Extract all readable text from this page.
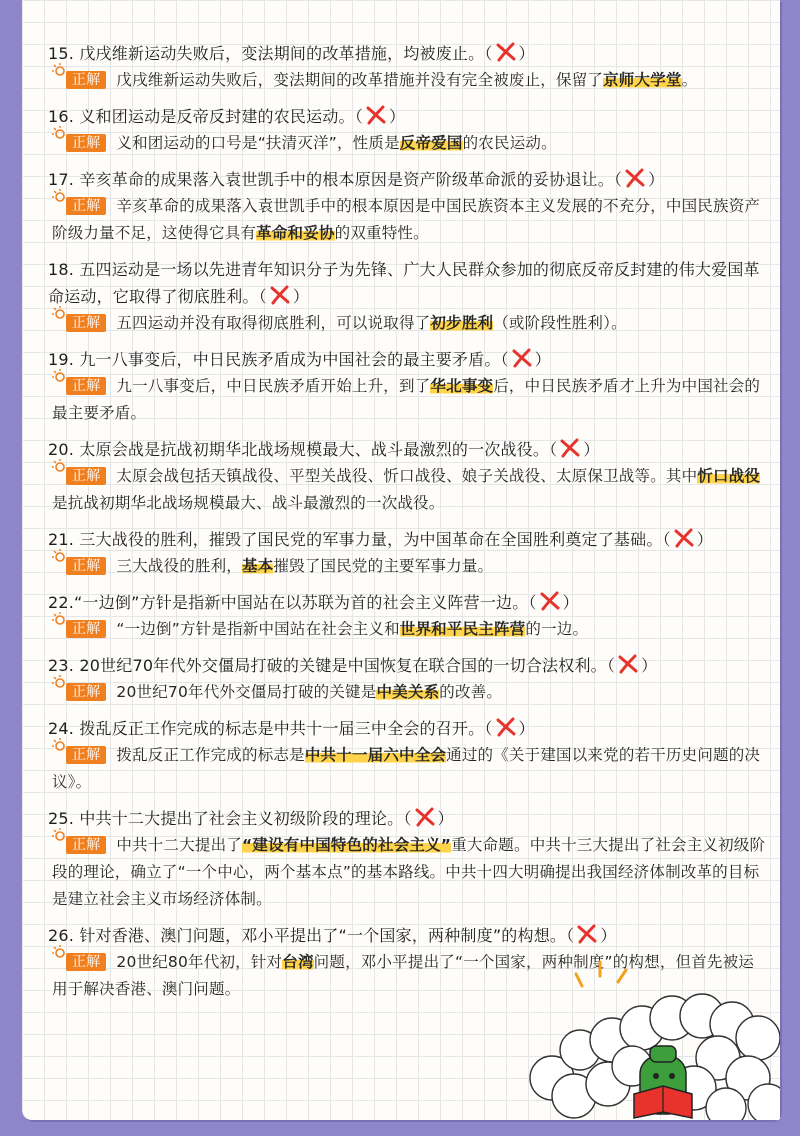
15. 戊戌维新运动失败后，变法期间的改革措施，均被废止。（ ）
正解 戊戌维新运动失败后，变法期间的改革措施并没有完全被废止，保留了京师大学堂。
16. 义和团运动是反帝反封建的农民运动。（ ）
正解 义和团运动的口号是“扶清灭洋”，性质是反帝爱国的农民运动。
17. 辛亥革命的成果落入袁世凯手中的根本原因是资产阶级革命派的妥协退让。（ ）
正解 辛亥革命的成果落入袁世凯手中的根本原因是中国民族资本主义发展的不充分，中国民族资产阶级力量不足，这使得它具有革命和妥协的双重特性。
18. 五四运动是一场以先进青年知识分子为先锋、广大人民群众参加的彻底反帝反封建的伟大爱国革命运动，它取得了彻底胜利。（ ）
正解 五四运动并没有取得彻底胜利，可以说取得了初步胜利（或阶段性胜利）。
19. 九一八事变后，中日民族矛盾成为中国社会的最主要矛盾。（ ）
正解 九一八事变后，中日民族矛盾开始上升，到了华北事变后，中日民族矛盾才上升为中国社会的最主要矛盾。
20. 太原会战是抗战初期华北战场规模最大、战斗最激烈的一次战役。（ ）
正解 太原会战包括天镇战役、平型关战役、忻口战役、娘子关战役、太原保卫战等。其中忻口战役是抗战初期华北战场规模最大、战斗最激烈的一次战役。
21. 三大战役的胜利，摧毁了国民党的军事力量，为中国革命在全国胜利奠定了基础。（ ）
正解 三大战役的胜利，基本摧毁了国民党的主要军事力量。
22.“一边倒”方针是指新中国站在以苏联为首的社会主义阵营一边。（ ）
正解 “一边倒”方针是指新中国站在社会主义和世界和平民主阵营的一边。
23. 20世纪70年代外交僵局打破的关键是中国恢复在联合国的一切合法权利。（ ）
正解 20世纪70年代外交僵局打破的关键是中美关系的改善。
24. 拨乱反正工作完成的标志是中共十一届三中全会的召开。（ ）
正解 拨乱反正工作完成的标志是中共十一届六中全会通过的《关于建国以来党的若干历史问题的决议》。
25. 中共十二大提出了社会主义初级阶段的理论。（ ）
正解 中共十二大提出了“建设有中国特色的社会主义”重大命题。中共十三大提出了社会主义初级阶段的理论，确立了“一个中心，两个基本点”的基本路线。中共十四大明确提出我国经济体制改革的目标是建立社会主义市场经济体制。
26. 针对香港、澳门问题，邓小平提出了“一个国家，两种制度”的构想。（ ）
正解 20世纪80年代初，针对台湾问题，邓小平提出了“一个国家，两种制度”的构想，但首先被运用于解决香港、澳门问题。
